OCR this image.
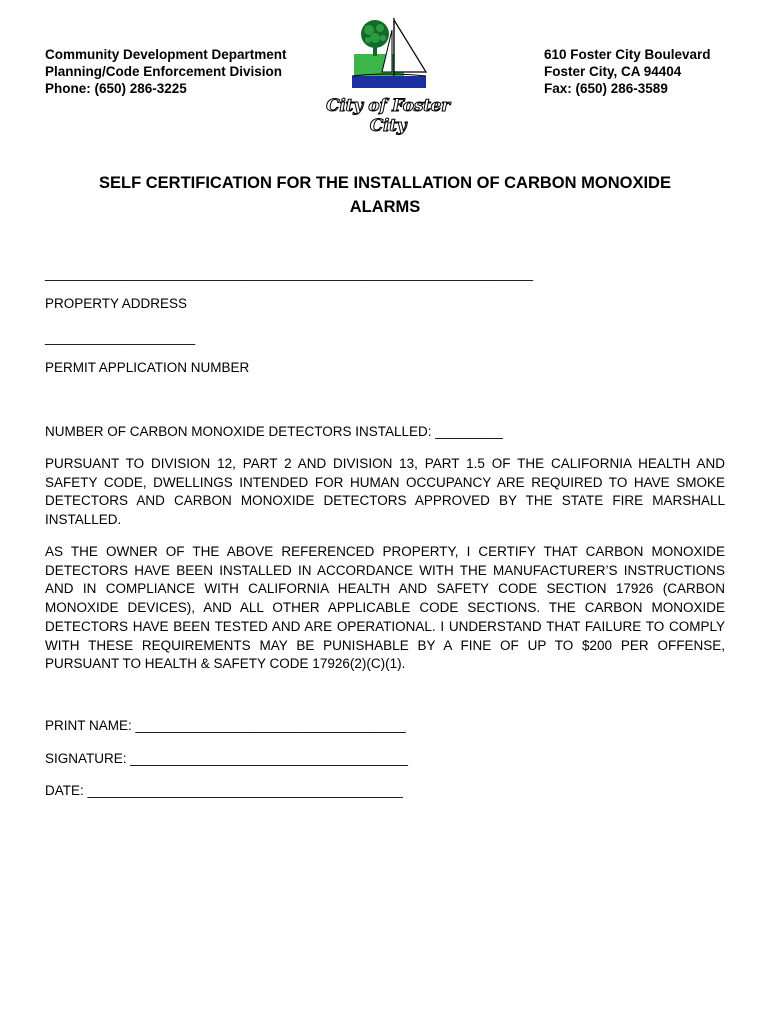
Community Development Department
Planning/Code Enforcement Division
Phone: (650) 286-3225
City of Foster City
610 Foster City Boulevard
Foster City, CA 94404
Fax: (650) 286-3589
SELF CERTIFICATION FOR THE INSTALLATION OF CARBON MONOXIDE
ALARMS
_________________________________________________________________
PROPERTY ADDRESS
____________________
PERMIT APPLICATION NUMBER
NUMBER OF CARBON MONOXIDE DETECTORS INSTALLED: _________
PURSUANT TO DIVISION 12, PART 2 AND DIVISION 13, PART 1.5 OF THE CALIFORNIA HEALTH AND SAFETY CODE, DWELLINGS INTENDED FOR HUMAN OCCUPANCY ARE REQUIRED TO HAVE SMOKE DETECTORS AND CARBON MONOXIDE DETECTORS APPROVED BY THE STATE FIRE MARSHALL INSTALLED.
AS THE OWNER OF THE ABOVE REFERENCED PROPERTY, I CERTIFY THAT CARBON MONOXIDE DETECTORS HAVE BEEN INSTALLED IN ACCORDANCE WITH THE MANUFACTURER’S INSTRUCTIONS AND IN COMPLIANCE WITH CALIFORNIA HEALTH AND SAFETY CODE SECTION 17926 (CARBON MONOXIDE DEVICES), AND ALL OTHER APPLICABLE CODE SECTIONS. THE CARBON MONOXIDE DETECTORS HAVE BEEN TESTED AND ARE OPERATIONAL. I UNDERSTAND THAT FAILURE TO COMPLY WITH THESE REQUIREMENTS MAY BE PUNISHABLE BY A FINE OF UP TO $200 PER OFFENSE, PURSUANT TO HEALTH & SAFETY CODE 17926(2)(C)(1).
PRINT NAME: ____________________________________
SIGNATURE: _____________________________________
DATE: __________________________________________
